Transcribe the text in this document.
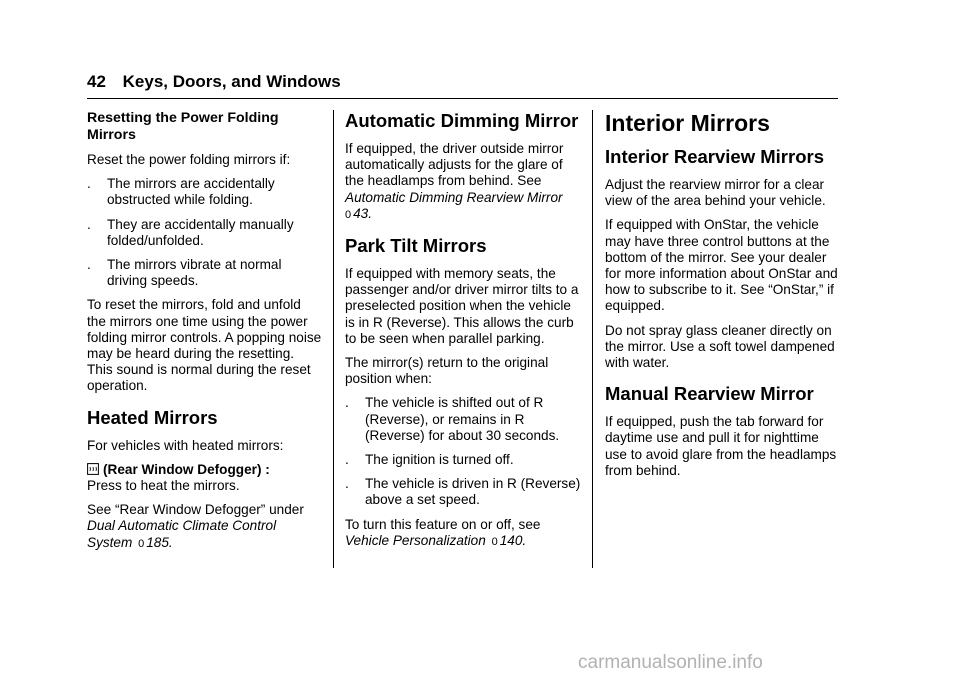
42 Keys, Doors, and Windows
Resetting the Power Folding Mirrors

Reset the power folding mirrors if:

.	The mirrors are accidentally obstructed while folding.
.	They are accidentally manually folded/unfolded.
.	The mirrors vibrate at normal driving speeds.

To reset the mirrors, fold and unfold the mirrors one time using the power folding mirror controls. A popping noise may be heard during the resetting. This sound is normal during the reset operation.

Heated Mirrors

For vehicles with heated mirrors:

(Rear Window Defogger) :
Press to heat the mirrors.

See “Rear Window Defogger” under Dual Automatic Climate Control System 0 185.

Automatic Dimming Mirror

If equipped, the driver outside mirror automatically adjusts for the glare of the headlamps from behind. See Automatic Dimming Rearview Mirror
0 43.

Park Tilt Mirrors

If equipped with memory seats, the passenger and/or driver mirror tilts to a preselected position when the vehicle is in R (Reverse). This allows the curb to be seen when parallel parking.

The mirror(s) return to the original position when:

.	The vehicle is shifted out of R (Reverse), or remains in R (Reverse) for about 30 seconds.
.	The ignition is turned off.
.	The vehicle is driven in R (Reverse) above a set speed.

To turn this feature on or off, see
Vehicle Personalization 0 140.

Interior Mirrors
Interior Rearview Mirrors

Adjust the rearview mirror for a clear view of the area behind your vehicle.

If equipped with OnStar, the vehicle may have three control buttons at the bottom of the mirror. See your dealer for more information about OnStar and how to subscribe to it. See “OnStar,” if equipped.

Do not spray glass cleaner directly on the mirror. Use a soft towel dampened with water.

Manual Rearview Mirror

If equipped, push the tab forward for daytime use and pull it for nighttime use to avoid glare from the headlamps from behind.

carmanualsonline.info
